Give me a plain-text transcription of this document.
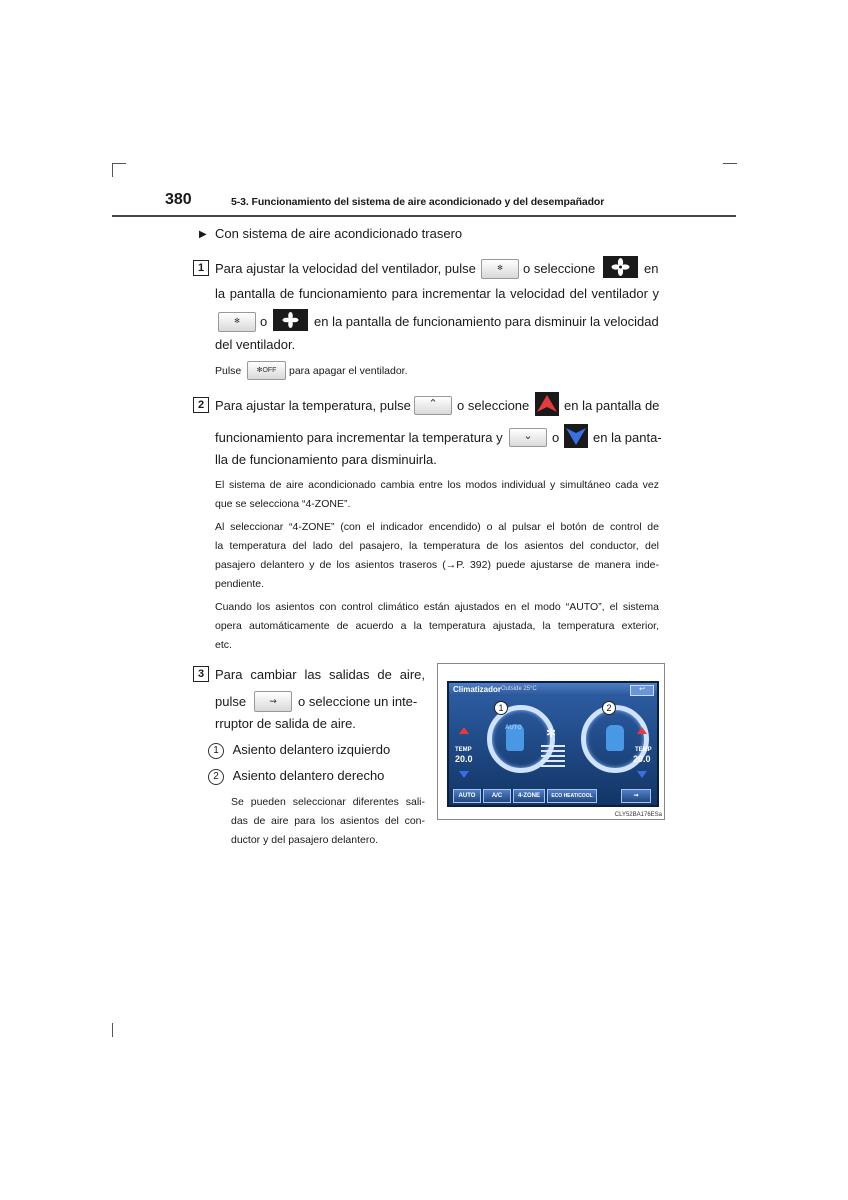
380	5-3. Funcionamiento del sistema de aire acondicionado y del desempañador
▶ Con sistema de aire acondicionado trasero
1 Para ajustar la velocidad del ventilador, pulse	✻	o seleccione	en
la pantalla de funcionamiento para incrementar la velocidad del ventilador y
✻	o	en la pantalla de funcionamiento para disminuir la velocidad
del ventilador.
Pulse	✻OFF	para apagar el ventilador.
2 Para ajustar la temperatura, pulse	⌃	o seleccione	en la pantalla de
funcionamiento para incrementar la temperatura y	⌄	o	en la panta-
lla de funcionamiento para disminuirla.
El sistema de aire acondicionado cambia entre los modos individual y simultáneo cada vez
que se selecciona “4-ZONE”.
Al seleccionar “4-ZONE” (con el indicador encendido) o al pulsar el botón de control de
la temperatura del lado del pasajero, la temperatura de los asientos del conductor, del
pasajero delantero y de los asientos traseros (→P. 392) puede ajustarse de manera inde-
pendiente.
Cuando los asientos con control climático están ajustados en el modo “AUTO”, el sistema
opera automáticamente de acuerdo a la temperatura ajustada, la temperatura exterior,
etc.
3 Para cambiar las salidas de aire,
pulse	⇝	o seleccione un inte-
rruptor de salida de aire.
1 Asiento delantero izquierdo
2 Asiento delantero derecho
Se pueden seleccionar diferentes sali-
das de aire para los asientos del con-
ductor y del pasajero delantero.
Climatizador Outside 25°C	↩
TEMP
20.0
TEMP
20.0
AUTO ✻
1	2
AUTO	A/C	4-ZONE	ECO HEAT/COOL	⇝
CLY52BA176ESa
